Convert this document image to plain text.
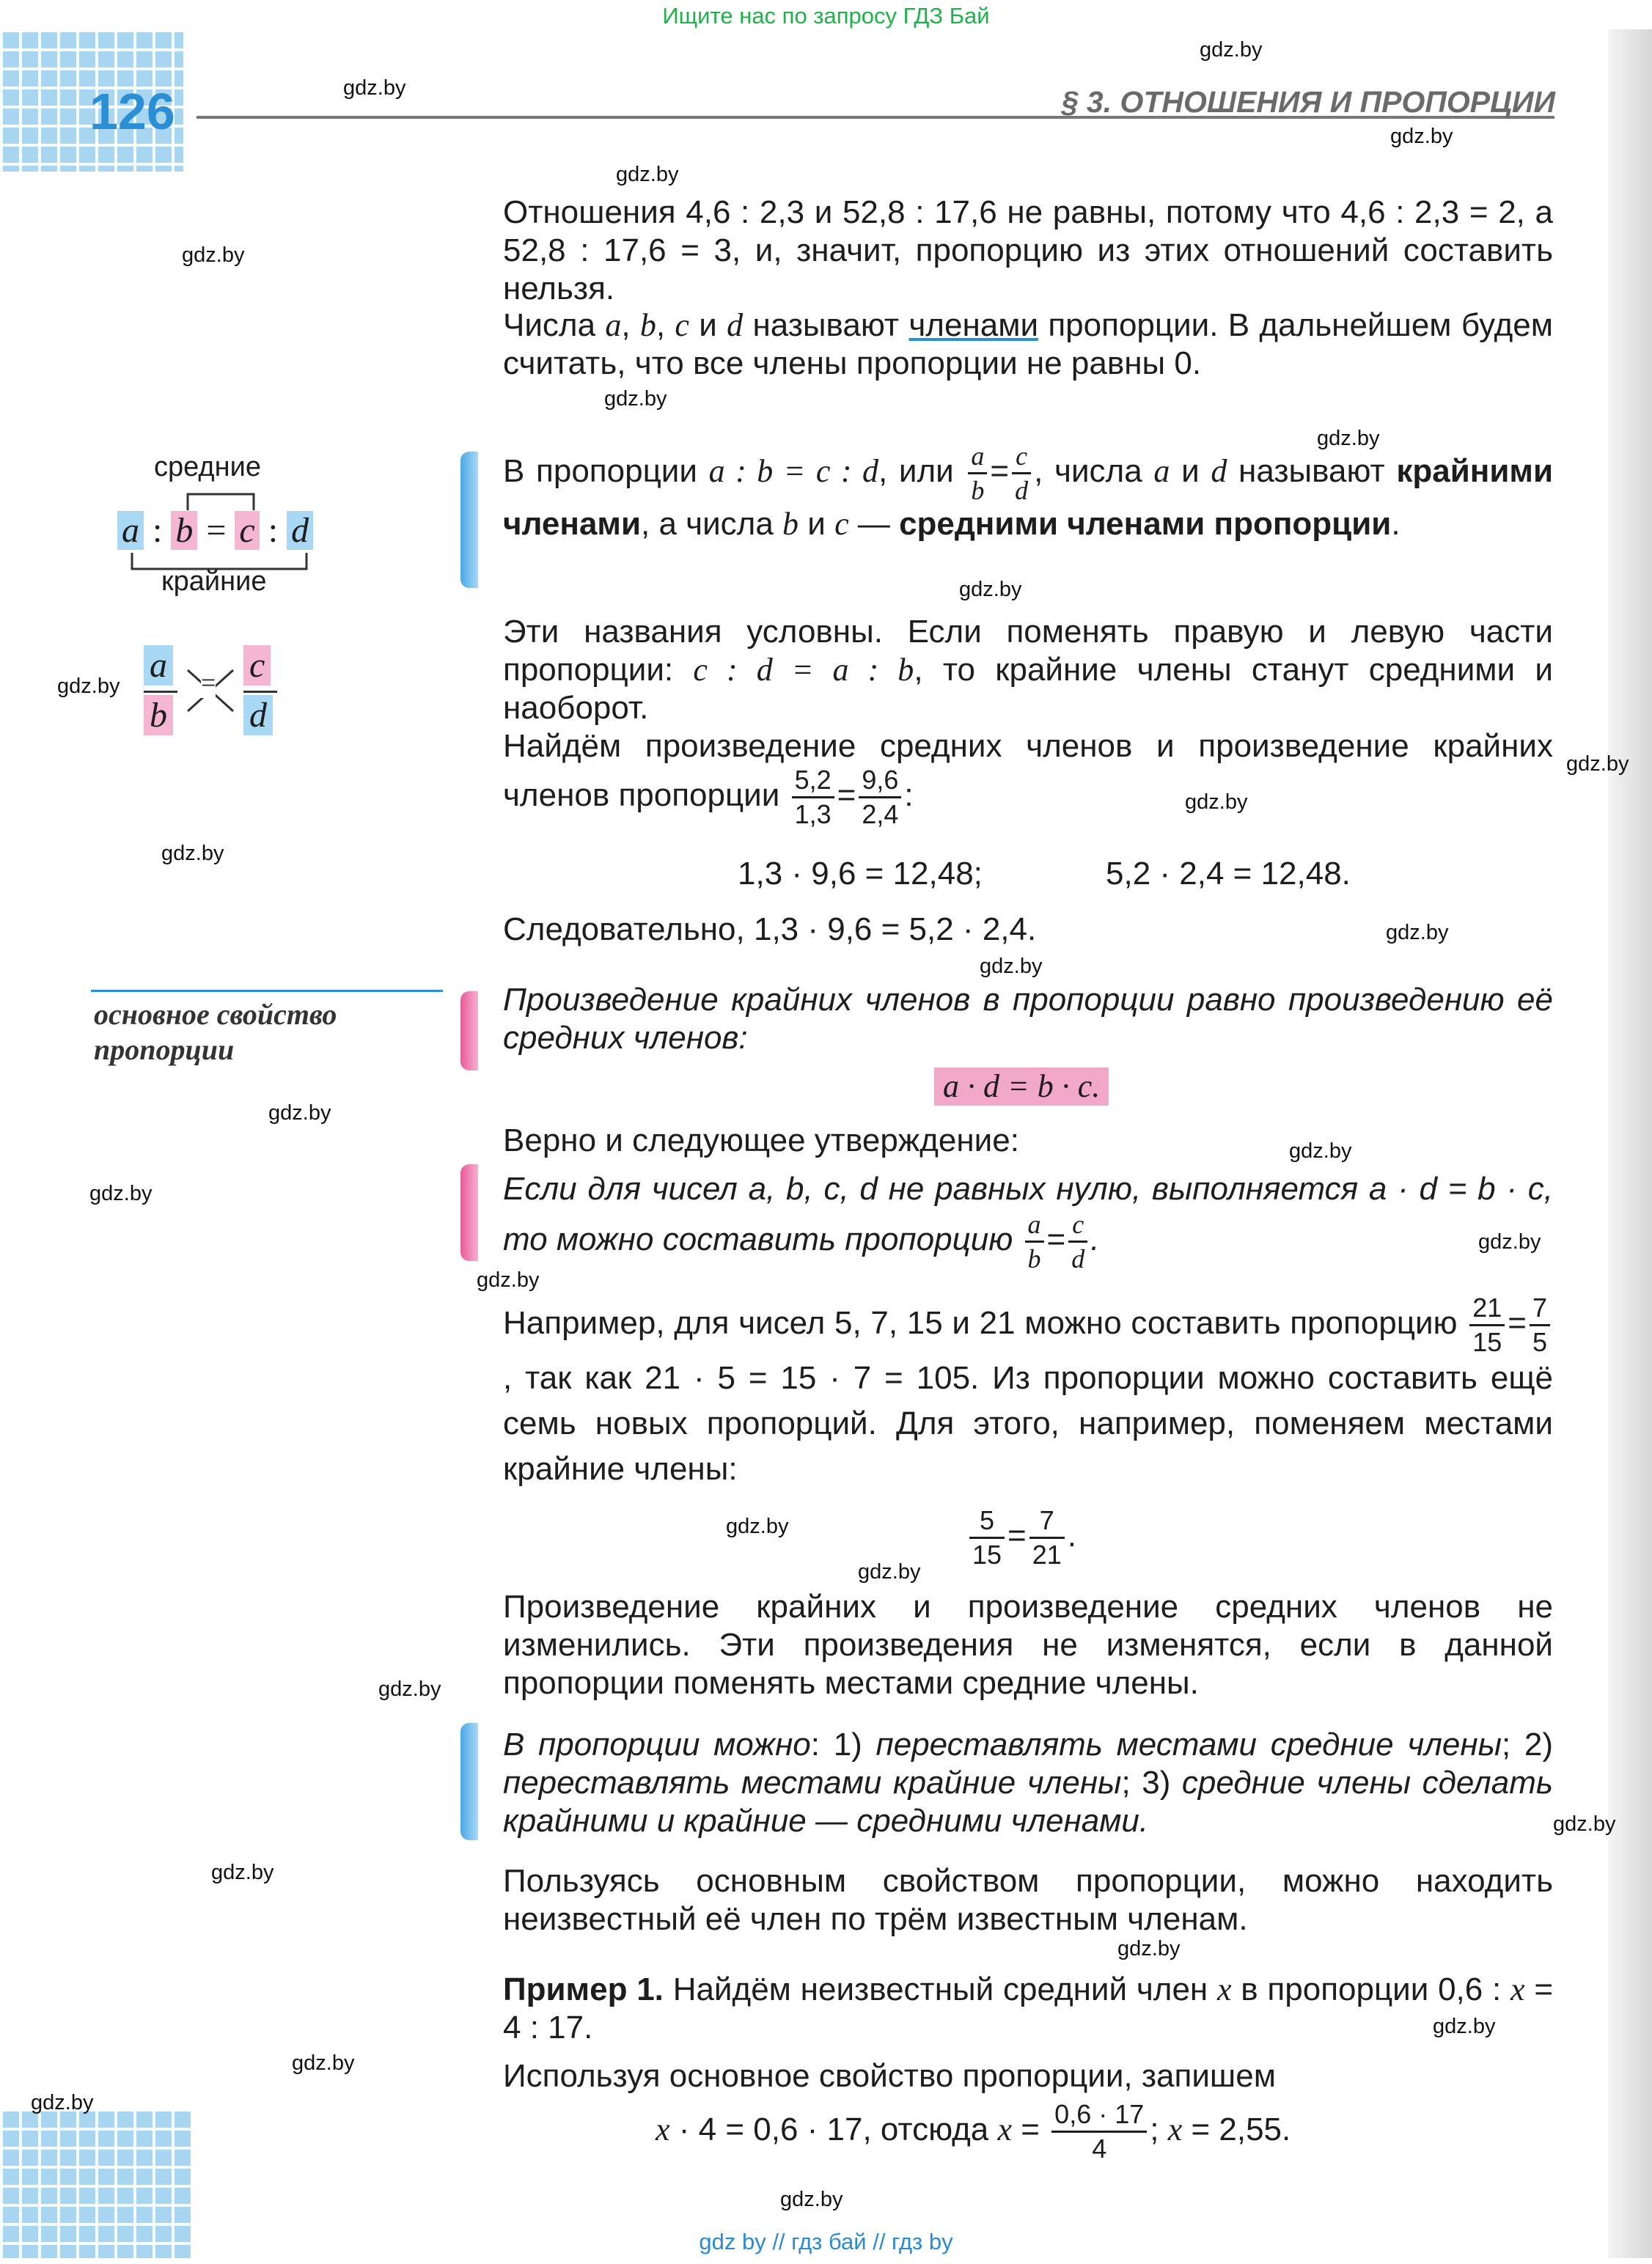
Ищите нас по запросу ГДЗ Бай
126	§ 3. ОТНОШЕНИЯ И ПРОПОРЦИИ
gdz.by
gdz.by
gdz.by
gdz.by
gdz.by
gdz.by
gdz.by
gdz.by
gdz.by
gdz.by
gdz.by
gdz.by
gdz.by
gdz.by
gdz.by
gdz.by
gdz.by
gdz.by
gdz.by
gdz.by
gdz.by
gdz.by
gdz.by
gdz.by
gdz.by
gdz.by
gdz.by
gdz.by
gdz.by
средние
a : b = c : d
крайние
a
b
= c
d
основное свойство пропорции
Отношения 4,6 : 2,3 и 52,8 : 17,6 не равны, потому что 4,6 : 2,3 = 2, а 52,8 : 17,6 = 3, и, значит, пропорцию из этих отношений составить нельзя.
Числа a, b, c и d называют членами пропорции. В дальнейшем будем считать, что все члены пропорции не равны 0.
В пропорции a : b = c : d, или $\frac{a}{b} = \frac{c}{d}$ , числа a и d называют крайними членами, а числа b и c — средними членами пропорции.
Эти названия условны. Если поменять правую и левую части пропорции: c : d = a : b, то крайние члены станут средними и наоборот.
Найдём произведение средних членов и произведение крайних членов пропорции $\frac{5,2}{1,3} = \frac{9,6}{2,4}$ :
1,3 · 9,6 = 12,48;	5,2 · 2,4 = 12,48.
Следовательно, 1,3 · 9,6 = 5,2 · 2,4.
Произведение крайних членов в пропорции равно произведению её средних членов:
a · d = b · c.
Верно и следующее утверждение:
Если для чисел a, b, c, d не равных нулю, выполняется a · d = b · c, то можно составить пропорцию $\frac{a}{b} = \frac{c}{d}$ .
Например, для чисел 5, 7, 15 и 21 можно составить пропорцию $\frac{21}{15} = \frac{7}{5}$
, так как 21 · 5 = 15 · 7 = 105. Из пропорции можно составить ещё семь новых пропорций. Для этого, например, поменяем местами крайние члены:
$\frac{5}{15} = \frac{7}{21}$ .
Произведение крайних и произведение средних членов не изменились. Эти произведения не изменятся, если в данной пропорции поменять местами средние члены.
В пропорции можно: 1) переставлять местами средние члены; 2) переставлять местами крайние члены; 3) средние члены сделать крайними и крайние — средними членами.
Пользуясь основным свойством пропорции, можно находить неизвестный её член по трём известным членам.
Пример 1. Найдём неизвестный средний член x в пропорции 0,6 : x = 4 : 17.
Используя основное свойство пропорции, запишем
x · 4 = 0,6 · 17, отсюда $x = \frac{0,6 \cdot 17}{4}$ ; x = 2,55.
gdz by // гдз бай // гдз by
